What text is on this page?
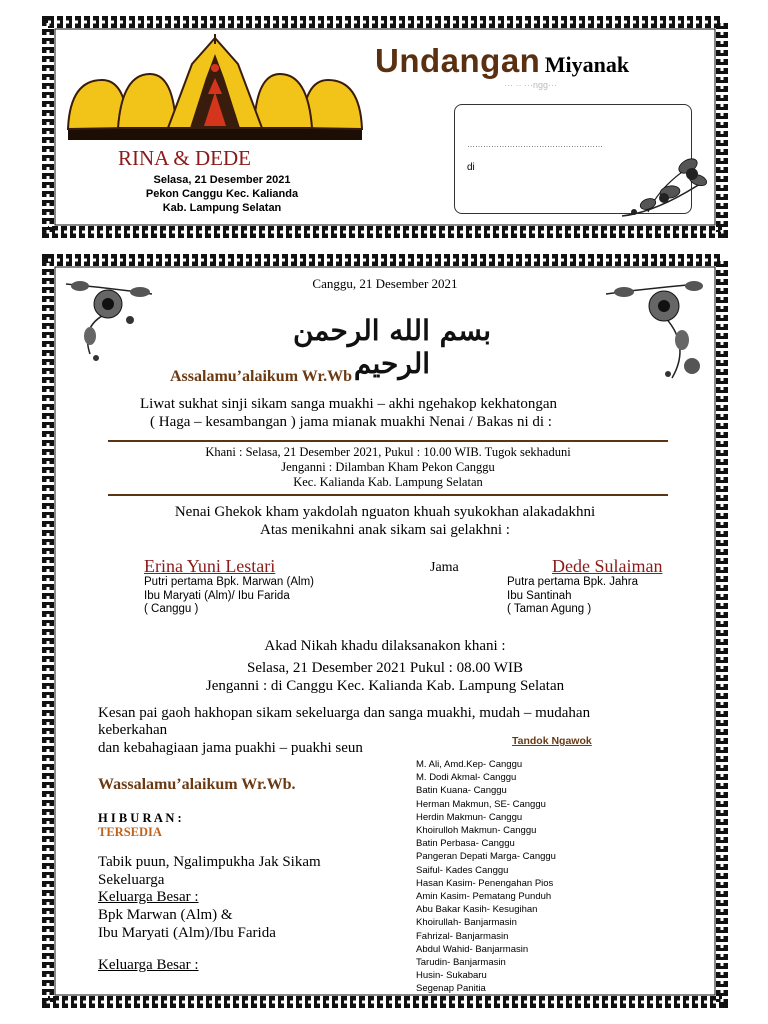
RINA & DEDE
Selasa, 21 Desember 2021
Pekon Canggu Kec. Kalianda
Kab. Lampung Selatan
Undangan Miyanak
··· ·· ···ngg···
……………………………………………
di
Canggu, 21 Desember 2021
بسم الله الرحمن الرحيم
Assalamu’alaikum Wr.Wb
Liwat sukhat sinji sikam sanga muakhi – akhi ngehakop kekhatongan
( Haga – kesambangan ) jama mianak muakhi Nenai / Bakas ni di :
Khani : Selasa, 21 Desember 2021, Pukul : 10.00 WIB. Tugok sekhaduni
Jenganni : Dilamban Kham Pekon Canggu
Kec. Kalianda Kab. Lampung Selatan
Nenai Ghekok kham yakdolah nguaton khuah syukokhan alakadakhni
Atas menikahni anak sikam sai gelakhni :
Erina Yuni Lestari
Putri pertama Bpk. Marwan (Alm)
Ibu Maryati (Alm)/ Ibu Farida
( Canggu )
Jama	Dede Sulaiman
Putra pertama Bpk. Jahra
Ibu Santinah
( Taman Agung )
Akad Nikah khadu dilaksanakon khani :
Selasa, 21 Desember 2021 Pukul : 08.00 WIB
Jenganni : di Canggu Kec. Kalianda Kab. Lampung Selatan
Kesan pai gaoh hakhopan sikam sekeluarga dan sanga muakhi, mudah – mudahan
keberkahan
dan kebahagiaan jama puakhi – puakhi seun
Wassalamu’alaikum Wr.Wb.
H I B U R A N :
TERSEDIA
Tabik puun, Ngalimpukha Jak Sikam
Sekeluarga
Keluarga Besar :
Bpk Marwan (Alm) &
Ibu Maryati (Alm)/Ibu Farida
Keluarga Besar :
Tandok Ngawok
M. Ali, Amd.Kep- Canggu
M. Dodi Akmal- Canggu
Batin Kuana- Canggu
Herman Makmun, SE- Canggu
Herdin Makmun- Canggu
Khoirulloh Makmun- Canggu
Batin Perbasa- Canggu
Pangeran Depati Marga- Canggu
Saiful- Kades Canggu
Hasan Kasim- Penengahan Pios
Amin Kasim- Pematang Punduh
Abu Bakar Kasih- Kesugihan
Khoirullah- Banjarmasin
Fahrizal- Banjarmasin
Abdul Wahid- Banjarmasin
Tarudin- Banjarmasin
Husin- Sukabaru
Segenap Panitia
